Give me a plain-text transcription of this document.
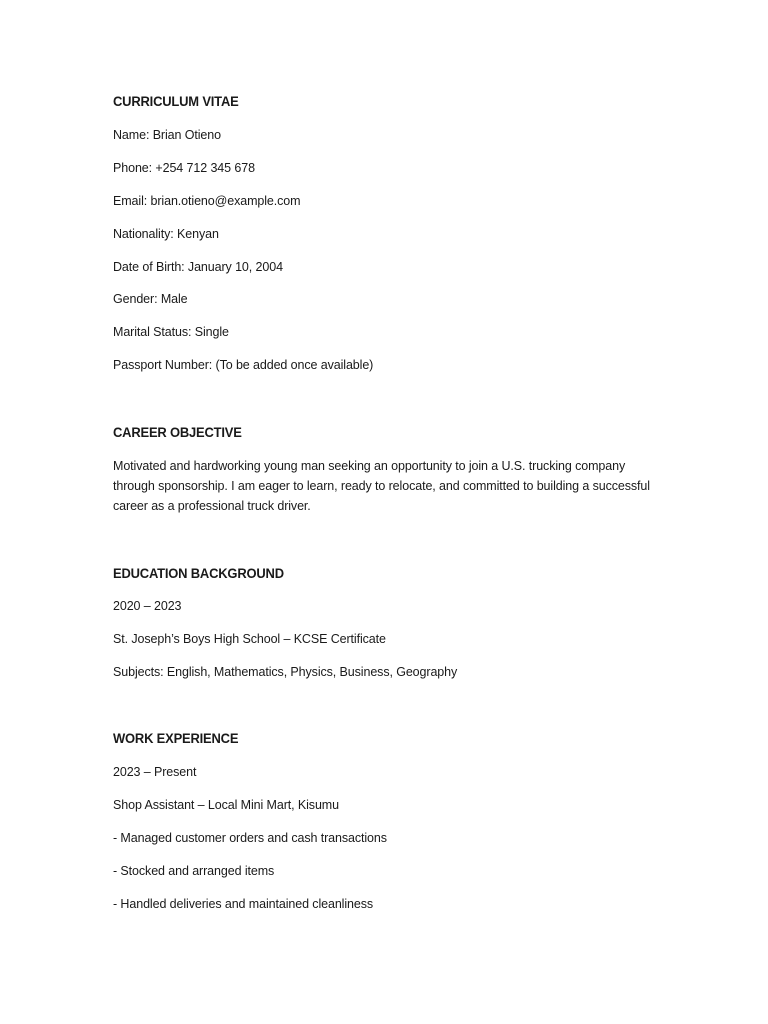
CURRICULUM VITAE

Name: Brian Otieno

Phone: +254 712 345 678

Email: brian.otieno@example.com

Nationality: Kenyan

Date of Birth: January 10, 2004

Gender: Male

Marital Status: Single

Passport Number: (To be added once available)

CAREER OBJECTIVE

Motivated and hardworking young man seeking an opportunity to join a U.S. trucking company through sponsorship. I am eager to learn, ready to relocate, and committed to building a successful career as a professional truck driver.

EDUCATION BACKGROUND

2020 – 2023

St. Joseph’s Boys High School – KCSE Certificate

Subjects: English, Mathematics, Physics, Business, Geography

WORK EXPERIENCE

2023 – Present

Shop Assistant – Local Mini Mart, Kisumu

- Managed customer orders and cash transactions

- Stocked and arranged items

- Handled deliveries and maintained cleanliness
